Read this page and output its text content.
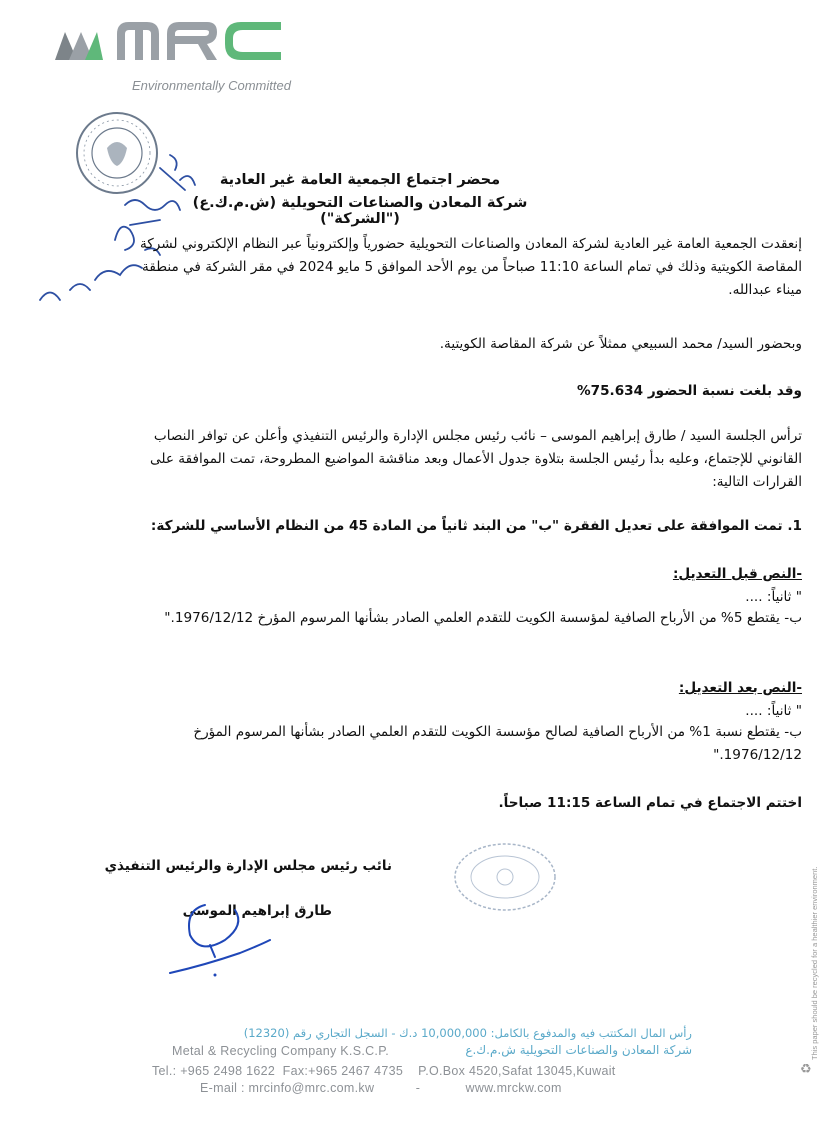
Environmentally Committed
محضر اجتماع الجمعية العامة غير العادية
شركة المعادن والصناعات التحويلية (ش.م.ك.ع) ("الشركة")
إنعقدت الجمعية العامة غير العادية لشركة المعادن والصناعات التحويلية حضورياً وإلكترونياً عبر النظام الإلكتروني لشركة المقاصة الكويتية وذلك في تمام الساعة 11:10 صباحاً من يوم الأحد الموافق 5 مايو 2024 في مقر الشركة في منطقة ميناء عبدالله.
وبحضور السيد/ محمد السبيعي ممثلاً عن شركة المقاصة الكويتية.
وقد بلغت نسبة الحضور 75.634%
ترأس الجلسة السيد / طارق إبراهيم الموسى – نائب رئيس مجلس الإدارة والرئيس التنفيذي وأعلن عن توافر النصاب القانوني للإجتماع، وعليه بدأ رئيس الجلسة بتلاوة جدول الأعمال وبعد مناقشة المواضيع المطروحة، تمت الموافقة على القرارات التالية:
1. تمت الموافقة على تعديل الفقرة "ب" من البند ثانياً من المادة 45 من النظام الأساسي للشركة:
-النص قبل التعديل:
" ثانياً: ....
ب- يقتطع 5% من الأرباح الصافية لمؤسسة الكويت للتقدم العلمي الصادر بشأنها المرسوم المؤرخ 1976/12/12."
-النص بعد التعديل:
" ثانياً: ....
ب- يقتطع نسبة 1% من الأرباح الصافية لصالح مؤسسة الكويت للتقدم العلمي الصادر بشأنها المرسوم المؤرخ 1976/12/12."
اختتم الاجتماع في تمام الساعة 11:15 صباحاً.
نائب رئيس مجلس الإدارة والرئيس التنفيذي
طارق إبراهيم الموسى
رأس المال المكتتب فيه والمدفوع بالكامل: 10,000,000 د.ك - السجل التجاري رقم (12320)
شركة المعادن والصناعات التحويلية ش.م.ك.ع
Metal & Recycling Company K.S.C.P.
Tel.: +965 2498 1622  Fax:+965 2467 4735    P.O.Box 4520,Safat 13045,Kuwait
E-mail : mrcinfo@mrc.com.kw           -            www.mrckw.com
This paper should be recycled for a healthier environment.
♻
